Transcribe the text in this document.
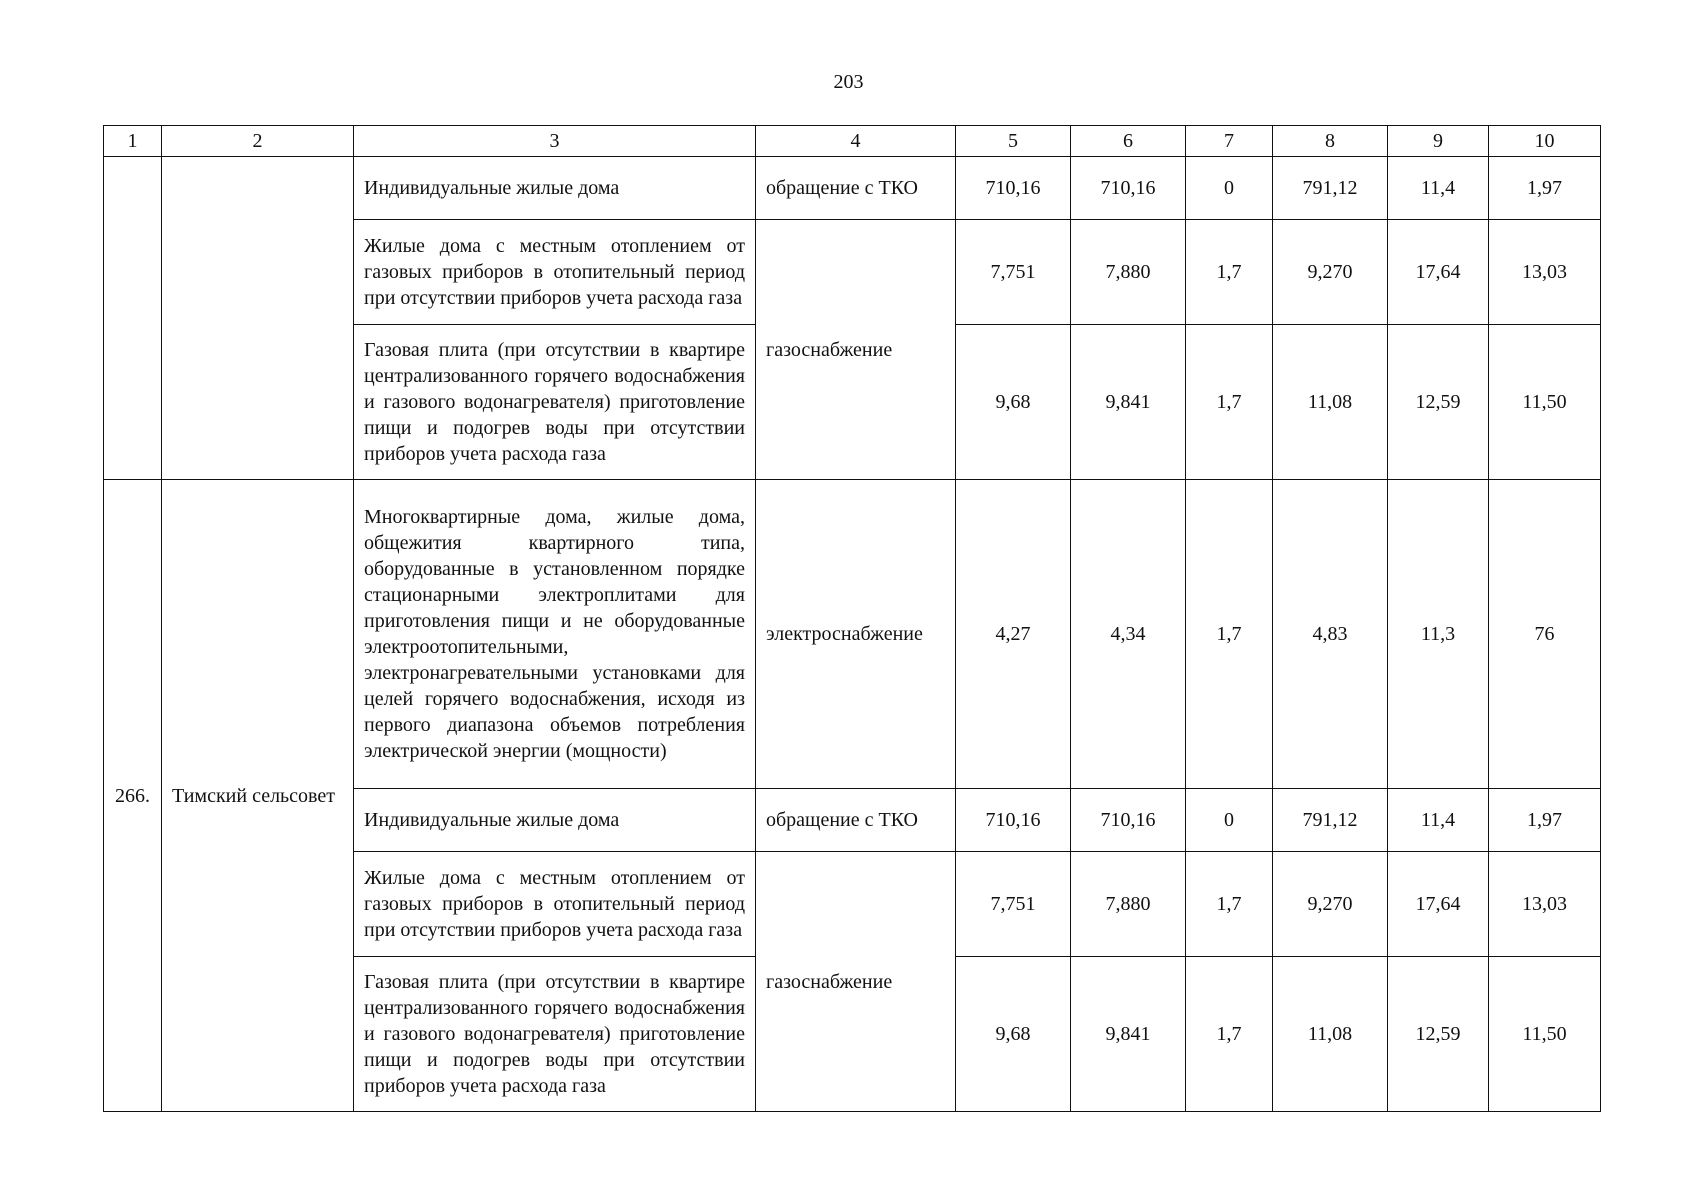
203
1	2	3	4	5	6	7	8	9	10
		Индивидуальные жилые дома	обращение с ТКО	710,16	710,16	0	791,12	11,4	1,97
		Жилые дома с местным отоплением от газовых приборов в отопительный период при отсутствии приборов учета расхода газа	газоснабжение	7,751	7,880	1,7	9,270	17,64	13,03
		Газовая плита (при отсутствии в квартире централизованного горячего водоснабжения и газового водонагревателя) приготовление пищи и подогрев воды при отсутствии приборов учета расхода газа		9,68	9,841	1,7	11,08	12,59	11,50
266.	Тимский сельсовет	Многоквартирные дома, жилые дома, общежития квартирного типа, оборудованные в установленном порядке стационарными электроплитами для приготовления пищи и не оборудованные электроотопительными, электронагревательными установками для целей горячего водоснабжения, исходя из первого диапазона объемов потребления электрической энергии (мощности)	электроснабжение	4,27	4,34	1,7	4,83	11,3	76
		Индивидуальные жилые дома	обращение с ТКО	710,16	710,16	0	791,12	11,4	1,97
		Жилые дома с местным отоплением от газовых приборов в отопительный период при отсутствии приборов учета расхода газа	газоснабжение	7,751	7,880	1,7	9,270	17,64	13,03
		Газовая плита (при отсутствии в квартире централизованного горячего водоснабжения и газового водонагревателя) приготовление пищи и подогрев воды при отсутствии приборов учета расхода газа		9,68	9,841	1,7	11,08	12,59	11,50
